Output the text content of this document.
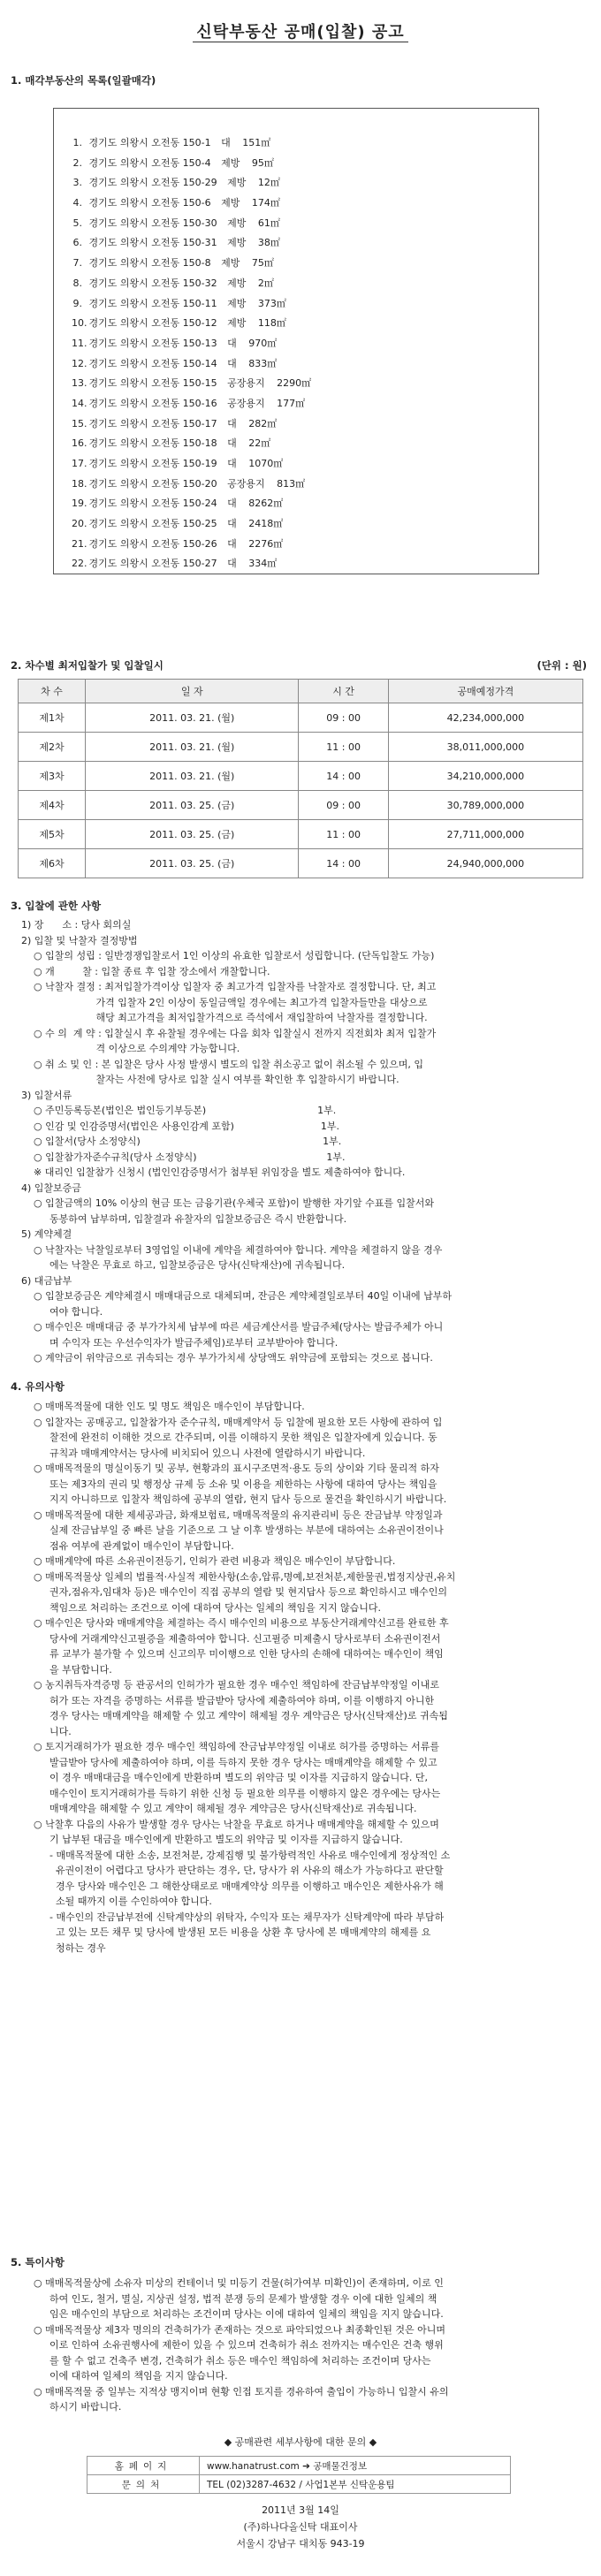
신탁부동산 공매(입찰) 공고
1. 매각부동산의 목록(일괄매각)
1. 경기도 의왕시 오전동 150-1 대 151㎡
2. 경기도 의왕시 오전동 150-4 제방 95㎡
3. 경기도 의왕시 오전동 150-29 제방 12㎡
4. 경기도 의왕시 오전동 150-6 제방 174㎡
5. 경기도 의왕시 오전동 150-30 제방 61㎡
6. 경기도 의왕시 오전동 150-31 제방 38㎡
7. 경기도 의왕시 오전동 150-8 제방 75㎡
8. 경기도 의왕시 오전동 150-32 제방 2㎡
9. 경기도 의왕시 오전동 150-11 제방 373㎡
10. 경기도 의왕시 오전동 150-12 제방 118㎡
11. 경기도 의왕시 오전동 150-13 대 970㎡
12. 경기도 의왕시 오전동 150-14 대 833㎡
13. 경기도 의왕시 오전동 150-15 공장용지 2290㎡
14. 경기도 의왕시 오전동 150-16 공장용지 177㎡
15. 경기도 의왕시 오전동 150-17 대 282㎡
16. 경기도 의왕시 오전동 150-18 대 22㎡
17. 경기도 의왕시 오전동 150-19 대 1070㎡
18. 경기도 의왕시 오전동 150-20 공장용지 813㎡
19. 경기도 의왕시 오전동 150-24 대 8262㎡
20. 경기도 의왕시 오전동 150-25 대 2418㎡
21. 경기도 의왕시 오전동 150-26 대 2276㎡
22. 경기도 의왕시 오전동 150-27 대 334㎡
2. 차수별 최저입찰가 및 입찰일시	(단위 : 원)
차 수	일 자	시 간	공매예정가격
제1차	2011. 03. 21. (월)	09 : 00	42,234,000,000
제2차	2011. 03. 21. (월)	11 : 00	38,011,000,000
제3차	2011. 03. 21. (월)	14 : 00	34,210,000,000
제4차	2011. 03. 25. (금)	09 : 00	30,789,000,000
제5차	2011. 03. 25. (금)	11 : 00	27,711,000,000
제6차	2011. 03. 25. (금)	14 : 00	24,940,000,000
3. 입찰에 관한 사항
1) 장      소 : 당사 회의실
2) 입찰 및 낙찰자 결정방법
○ 입찰의 성립 : 일반경쟁입찰로서 1인 이상의 유효한 입찰로서 성립합니다. (단독입찰도 가능)
○ 개         찰 : 입찰 종료 후 입찰 장소에서 개찰합니다.
○ 낙찰자 결정 : 최저입찰가격이상 입찰자 중 최고가격 입찰자를 낙찰자로 결정합니다. 단, 최고
가격 입찰자 2인 이상이 동일금액일 경우에는 최고가격 입찰자들만을 대상으로
해당 최고가격을 최저입찰가격으로 즉석에서 재입찰하여 낙찰자를 결정합니다.
○ 수 의  계 약 : 입찰실시 후 유찰될 경우에는 다음 회차 입찰실시 전까지 직전회차 최저 입찰가
격 이상으로 수의계약 가능합니다.
○ 취 소 및 인 : 본 입찰은 당사 사정 발생시 별도의 입찰 취소공고 없이 취소될 수 있으며, 입
찰자는 사전에 당사로 입찰 실시 여부를 확인한 후 입찰하시기 바랍니다.
3) 입찰서류
○ 주민등록등본(법인은 법인등기부등본)                                    1부.
○ 인감 및 인감증명서(법인은 사용인감계 포함)                            1부.
○ 입찰서(당사 소정양식)                                                           1부.
○ 입찰참가자준수규칙(당사 소정양식)                                          1부.
※ 대리인 입찰참가 신청시 (법인인감증명서가 첨부된 위임장을 별도 제출하여야 합니다.
4) 입찰보증금
○ 입찰금액의 10% 이상의 현금 또는 금융기관(우체국 포함)이 발행한 자기앞 수표를 입찰서와
동봉하여 납부하며, 입찰결과 유찰자의 입찰보증금은 즉시 반환합니다.
5) 계약체결
○ 낙찰자는 낙찰일로부터 3영업일 이내에 계약을 체결하여야 합니다. 계약을 체결하지 않을 경우
에는 낙찰은 무효로 하고, 입찰보증금은 당사(신탁재산)에 귀속됩니다.
6) 대금납부
○ 입찰보증금은 계약체결시 매매대금으로 대체되며, 잔금은 계약체결일로부터 40일 이내에 납부하
여야 합니다.
○ 매수인은 매매대금 중 부가가치세 납부에 따른 세금계산서를 발급주체(당사는 발급주체가 아니
며 수익자 또는 우선수익자가 발급주체임)로부터 교부받아야 합니다.
○ 계약금이 위약금으로 귀속되는 경우 부가가치세 상당액도 위약금에 포함되는 것으로 봅니다.
4. 유의사항
○ 매매목적물에 대한 인도 및 명도 책임은 매수인이 부담합니다.
○ 입찰자는 공매공고, 입찰참가자 준수규칙, 매매계약서 등 입찰에 필요한 모든 사항에 관하여 입
찰전에 완전히 이해한 것으로 간주되며, 이를 이해하지 못한 책임은 입찰자에게 있습니다. 동
규칙과 매매계약서는 당사에 비치되어 있으니 사전에 열람하시기 바랍니다.
○ 매매목적물의 명실이동기 및 공부, 현황과의 표시구조면적·용도 등의 상이와 기타 물리적 하자
또는 제3자의 권리 및 행정상 규제 등 소유 및 이용을 제한하는 사항에 대하여 당사는 책임을
지지 아니하므로 입찰자 책임하에 공부의 열람, 현지 답사 등으로 물건을 확인하시기 바랍니다.
○ 매매목적물에 대한 제세공과금, 화재보험료, 매매목적물의 유지관리비 등은 잔금납부 약정일과
실제 잔금납부일 중 빠른 날을 기준으로 그 날 이후 발생하는 부분에 대하여는 소유권이전이나
점유 여부에 관계없이 매수인이 부담합니다.
○ 매매계약에 따른 소유권이전등기, 인허가 관련 비용과 책임은 매수인이 부담합니다.
○ 매매목적물상 일체의 법률적·사실적 제한사항(소송,압류,명예,보전처분,제한물권,법정지상권,유치
권자,점유자,임대차 등)은 매수인이 직접 공부의 열람 및 현지답사 등으로 확인하시고 매수인의
책임으로 처리하는 조건으로 이에 대하여 당사는 일체의 책임을 지지 않습니다.
○ 매수인은 당사와 매매계약을 체결하는 즉시 매수인의 비용으로 부동산거래계약신고를 완료한 후
당사에 거래계약신고필증을 제출하여야 합니다. 신고필증 미제출시 당사로부터 소유권이전서
류 교부가 불가할 수 있으며 신고의무 미이행으로 인한 당사의 손해에 대하여는 매수인이 책임
을 부담합니다.
○ 농지취득자격증명 등 관공서의 인허가가 필요한 경우 매수인 책임하에 잔금납부약정일 이내로
허가 또는 자격을 증명하는 서류를 발급받아 당사에 제출하여야 하며, 이를 이행하지 아니한
경우 당사는 매매계약을 해제할 수 있고 계약이 해제될 경우 계약금은 당사(신탁재산)로 귀속됩
니다.
○ 토지거래허가가 필요한 경우 매수인 책임하에 잔금납부약정일 이내로 허가를 증명하는 서류를
발급받아 당사에 제출하여야 하며, 이를 득하지 못한 경우 당사는 매매계약을 해제할 수 있고
이 경우 매매대금을 매수인에게 반환하며 별도의 위약금 및 이자를 지급하지 않습니다. 단,
매수인이 토지거래허가를 득하기 위한 신청 등 필요한 의무를 이행하지 않은 경우에는 당사는
매매계약을 해제할 수 있고 계약이 해제될 경우 계약금은 당사(신탁재산)로 귀속됩니다.
○ 낙찰후 다음의 사유가 발생할 경우 당사는 낙찰을 무효로 하거나 매매계약을 해제할 수 있으며
기 납부된 대금을 매수인에게 반환하고 별도의 위약금 및 이자를 지급하지 않습니다.
- 매매목적물에 대한 소송, 보전처분, 강제집행 및 불가항력적인 사유로 매수인에게 정상적인 소
유권이전이 어렵다고 당사가 판단하는 경우, 단, 당사가 위 사유의 해소가 가능하다고 판단할
경우 당사와 매수인은 그 해한상태로로 매매계약상 의무를 이행하고 매수인은 제한사유가 해
소될 때까지 이를 수인하여야 합니다.
- 매수인의 잔금납부전에 신탁계약상의 위탁자, 수익자 또는 채무자가 신탁계약에 따라 부담하
고 있는 모든 채무 및 당사에 발생된 모든 비용을 상환 후 당사에 본 매매계약의 해제를 요
청하는 경우
5. 특이사항
○ 매매목적물상에 소유자 미상의 컨테이너 및 미등기 건물(허가여부 미확인)이 존재하며, 이로 인
하여 인도, 철거, 멸실, 지상권 설정, 법적 분쟁 등의 문제가 발생할 경우 이에 대한 일체의 책
임은 매수인의 부담으로 처리하는 조건이며 당사는 이에 대하여 일체의 책임을 지지 않습니다.
○ 매매목적물상 제3자 명의의 건축허가가 존재하는 것으로 파악되었으나 최종확인된 것은 아니며
이로 인하여 소유권행사에 제한이 있을 수 있으며 건축허가 취소 전까지는 매수인은 건축 행위
를 할 수 없고 건축주 변경, 건축허가 취소 등은 매수인 책임하에 처리하는 조건이며 당사는
이에 대하여 일체의 책임을 지지 않습니다.
○ 매매목적물 중 일부는 지적상 맹지이며 현황 인접 토지를 경유하여 출입이 가능하니 입찰시 유의
하시기 바랍니다.
◆ 공매관련 세부사항에 대한 문의 ◆
홈페이지	www.hanatrust.com ➔ 공매물건정보
문의처	TEL (02)3287-4632 / 사업1본부 신탁운용팀
2011년 3월 14일
(주)하나다올신탁 대표이사
서울시 강남구 대치동 943-19
